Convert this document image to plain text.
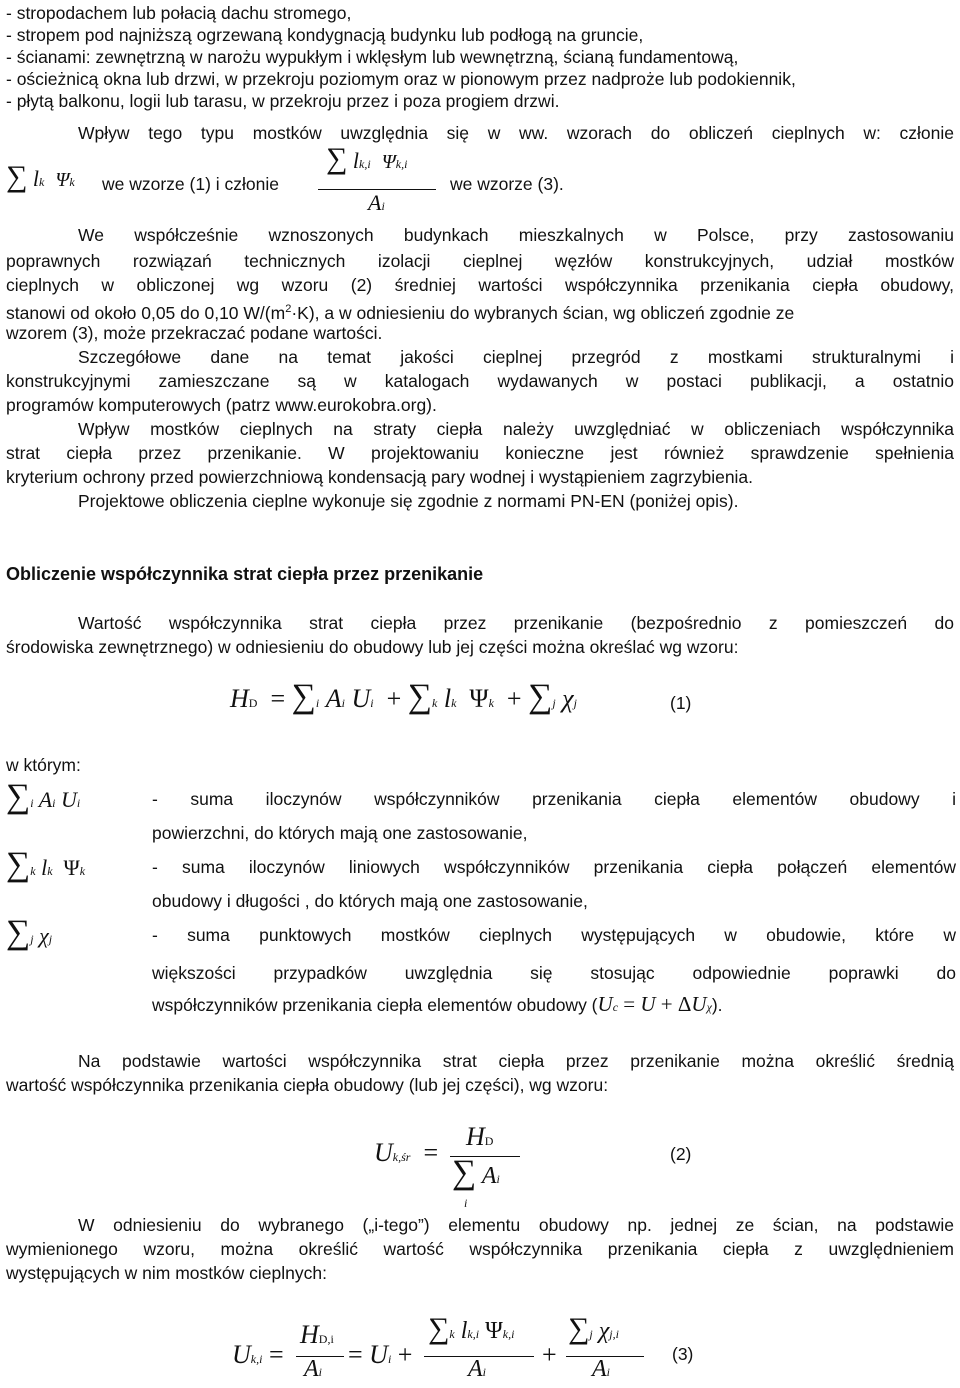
- stropodachem lub połacią dachu stromego,
- stropem pod najniższą ogrzewaną kondygnacją budynku lub podłogą na gruncie,
- ścianami: zewnętrzną w narożu wypukłym i wklęsłym lub wewnętrzną, ścianą fundamentową,
- ościeżnicą okna lub drzwi, w przekroju poziomym oraz w pionowym przez nadproże lub podokiennik,
- płytą balkonu, logii lub tarasu, w przekroju przez i poza progiem drzwi.
Wpływ tego typu mostków uwzględnia się w ww. wzorach do obliczeń cieplnych w: członie
∑ lk Ψk we wzorze (1) i członie
∑ lk,i Ψk,i
Ai
we wzorze (3).
We współcześnie wznoszonych budynkach mieszkalnych w Polsce, przy zastosowaniu
poprawnych rozwiązań technicznych izolacji cieplnej węzłów konstrukcyjnych, udział mostków
cieplnych w obliczonej wg wzoru (2) średniej wartości współczynnika przenikania ciepła obudowy,
stanowi od około 0,05 do 0,10 $W/(m^2\cdot K)$, a w odniesieniu do wybranych ścian, wg obliczeń zgodnie ze
wzorem (3), może przekraczać podane wartości.
Szczegółowe dane na temat jakości cieplnej przegród z mostkami strukturalnymi i
konstrukcyjnymi zamieszczane są w katalogach wydawanych w postaci publikacji, a ostatnio
programów komputerowych (patrz www.eurokobra.org).
Wpływ mostków cieplnych na straty ciepła należy uwzględniać w obliczeniach współczynnika
strat ciepła przez przenikanie. W projektowaniu konieczne jest również sprawdzenie spełnienia
kryterium ochrony przed powierzchniową kondensacją pary wodnej i wystąpieniem zagrzybienia.
Projektowe obliczenia cieplne wykonuje się zgodnie z normami PN-EN (poniżej opis).
Obliczenie współczynnika strat ciepła przez przenikanie
Wartość współczynnika strat ciepła przez przenikanie (bezpośrednio z pomieszczeń do
środowiska zewnętrznego) w odniesieniu do obudowy lub jej części można określać wg wzoru:
HD  = ∑i Ai Ui  + ∑k lk Ψk  + ∑j χj	(1)
w którym:
∑i Ai Ui	- suma iloczynów współczynników przenikania ciepła elementów obudowy i
powierzchni, do których mają one zastosowanie,
∑k lk Ψk	- suma iloczynów liniowych współczynników przenikania ciepła połączeń elementów
obudowy i długości , do których mają one zastosowanie,
∑j χj	- suma punktowych mostków cieplnych występujących w obudowie, które w
większości przypadków uwzględnia się stosując odpowiednie poprawki do
współczynników przenikania ciepła elementów obudowy (Uc = U + ΔUχ).
Na podstawie wartości współczynnika strat ciepła przez przenikanie można określić średnią
wartość współczynnika przenikania ciepła obudowy (lub jej części), wg wzoru:
Uk,śr  =
HD
∑ Ai
i
(2)
W odniesieniu do wybranego („i-tego”) elementu obudowy np. jednej ze ścian, na podstawie
wymienionego wzoru, można określić wartość współczynnika przenikania ciepła z uwzględnieniem
występujących w nim mostków cieplnych:
Uk,i =
HD,i
Ai
= Ui +
∑k lk,i Ψk,i
Ai
+
∑j χj,i
Ai
(3)
